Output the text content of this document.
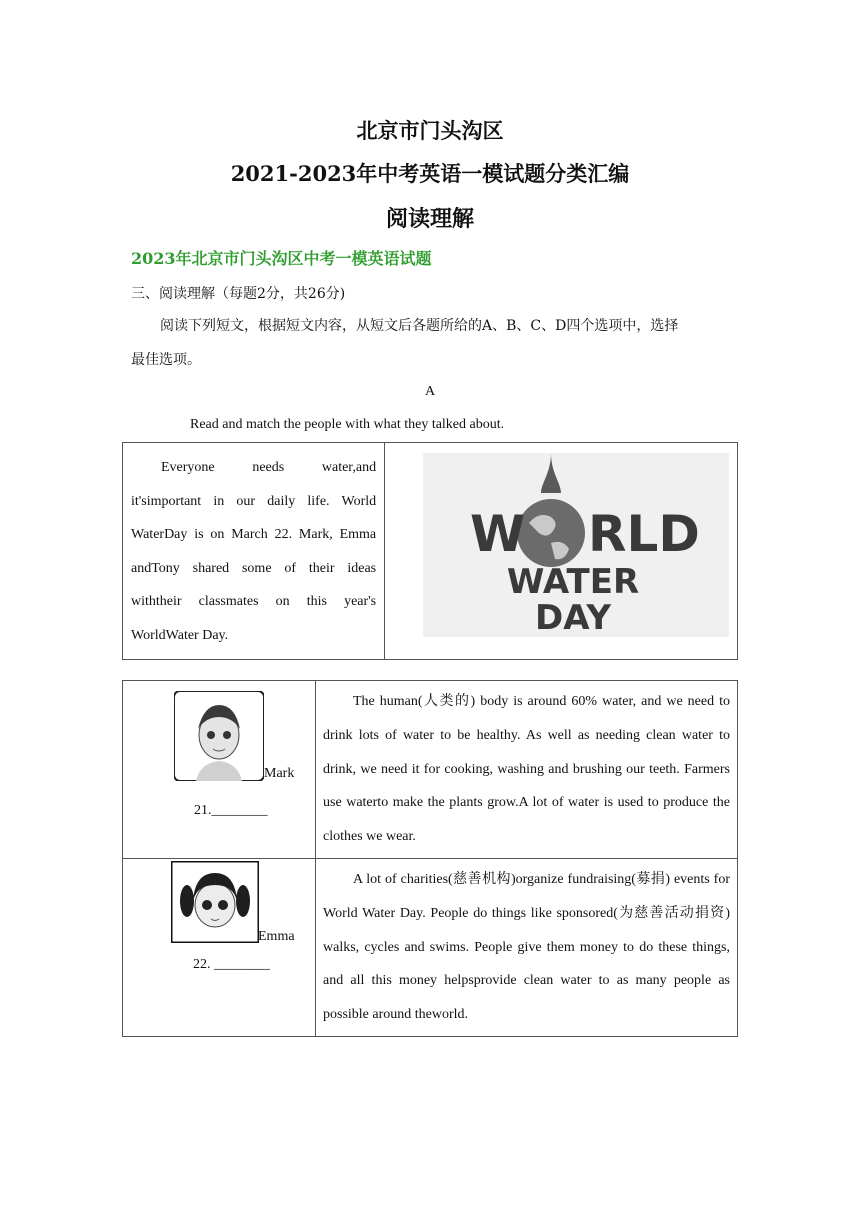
北京市门头沟区
2021-2023年中考英语一模试题分类汇编
阅读理解
2023年北京市门头沟区中考一模英语试题
三、阅读理解（每题2分，共26分)
阅读下列短文，根据短文内容，从短文后各题所给的A、B、C、D四个选项中，选择
最佳选项。
A
Read and match the people with what they talked about.
Everyone needs water,and it'simportant in our daily life. World WaterDay is on March 22. Mark, Emma andTony shared some of their ideas withtheir classmates on this year's WorldWater Day.	
W RLD
WATER
DAY
Mark
21.________	The human(人类的) body is around 60% water, and we need to drink lots of water to be healthy. As well as needing clean water to drink, we need it for cooking, washing and brushing our teeth. Farmers use waterto make the plants grow.A lot of water is used to produce the clothes we wear.

Emma
22. ________	A lot of charities(慈善机构)organize fundraising(募捐) events for World Water Day. People do things like sponsored(为慈善活动捐资) walks, cycles and swims. People give them money to do these things, and all this money helpsprovide clean water to as many people as possible around theworld.
